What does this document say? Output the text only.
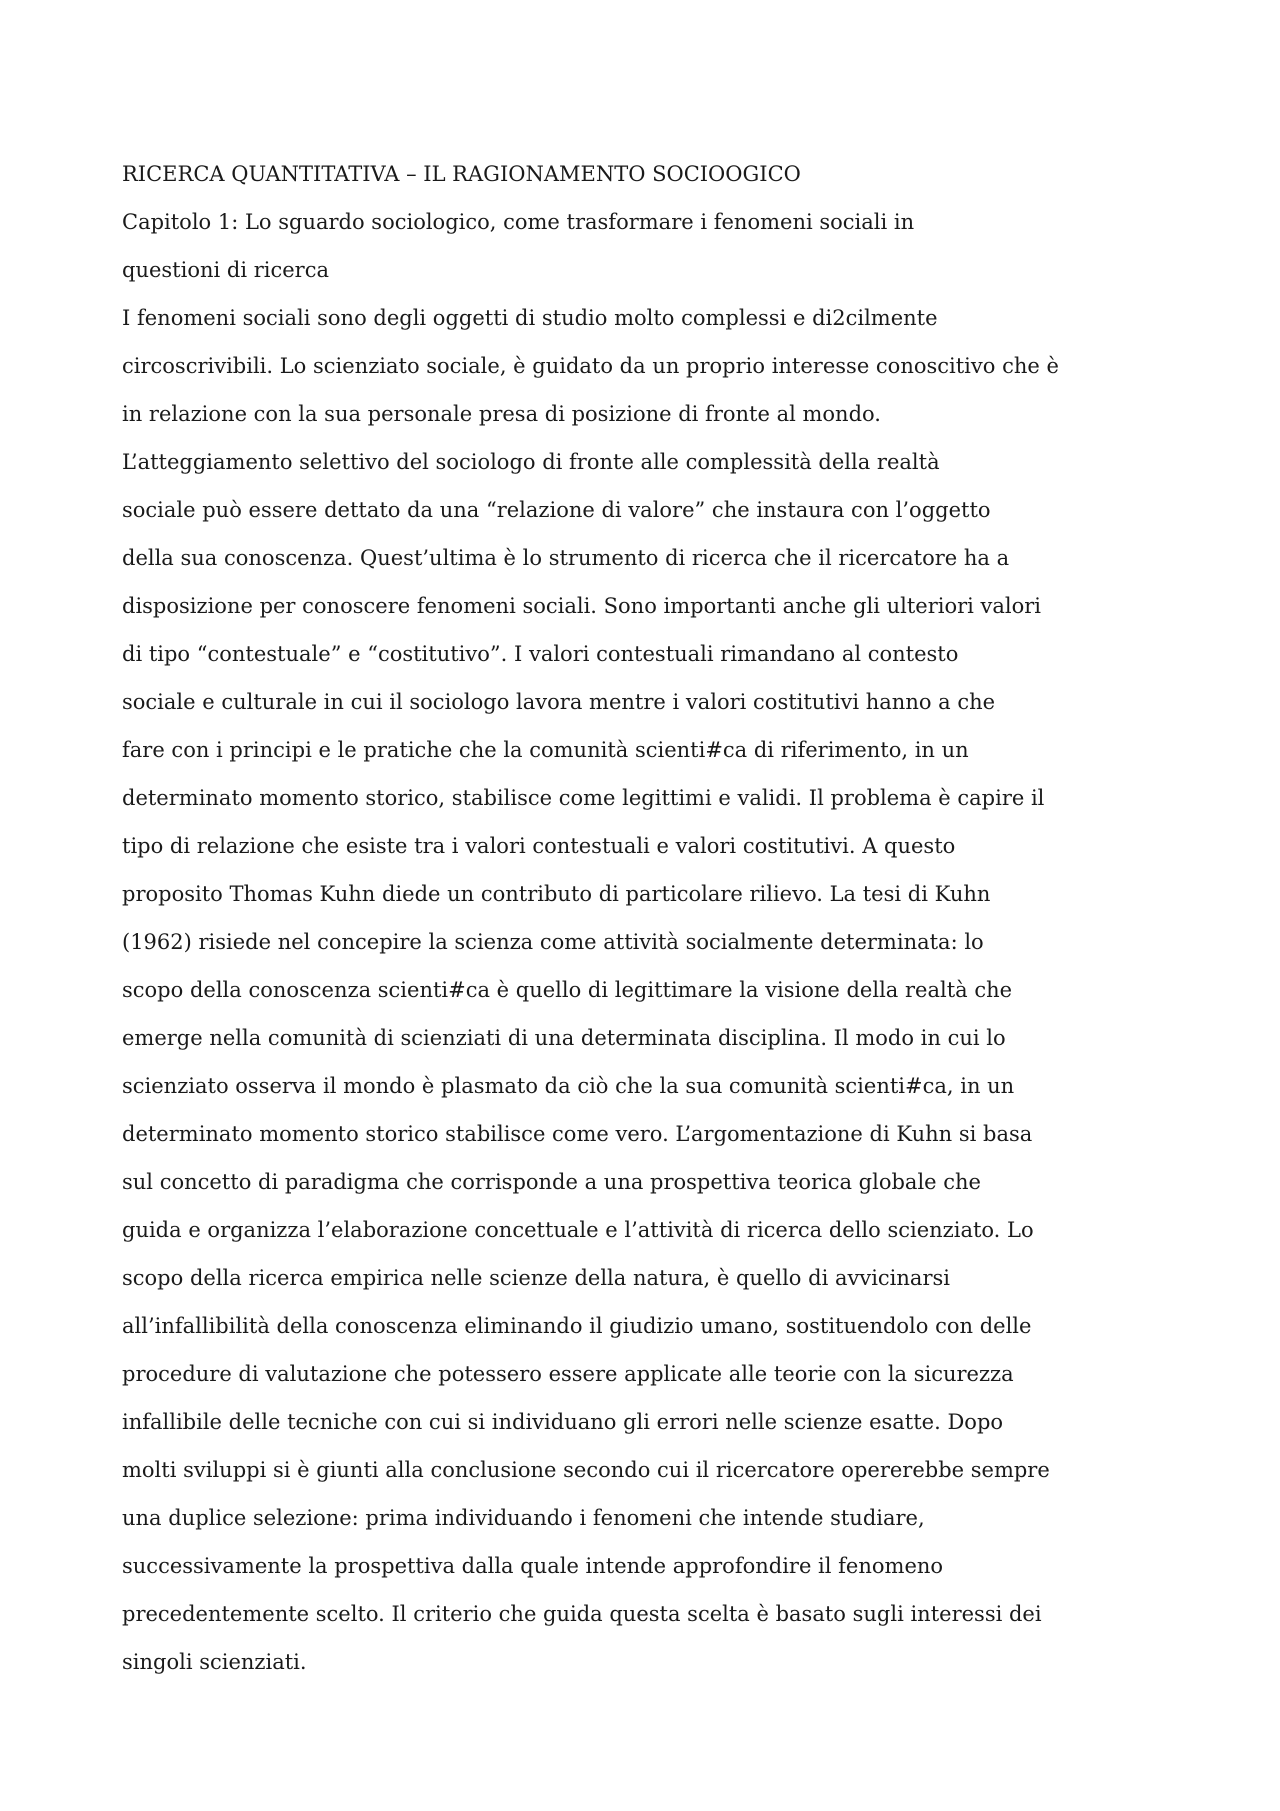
RICERCA QUANTITATIVA – IL RAGIONAMENTO SOCIOOGICO
Capitolo 1: Lo sguardo sociologico, come trasformare i fenomeni sociali in
questioni di ricerca
I fenomeni sociali sono degli oggetti di studio molto complessi e di2cilmente
circoscrivibili. Lo scienziato sociale, è guidato da un proprio interesse conoscitivo che è
in relazione con la sua personale presa di posizione di fronte al mondo.
L’atteggiamento selettivo del sociologo di fronte alle complessità della realtà
sociale può essere dettato da una “relazione di valore” che instaura con l’oggetto
della sua conoscenza. Quest’ultima è lo strumento di ricerca che il ricercatore ha a
disposizione per conoscere fenomeni sociali. Sono importanti anche gli ulteriori valori
di tipo “contestuale” e “costitutivo”. I valori contestuali rimandano al contesto
sociale e culturale in cui il sociologo lavora mentre i valori costitutivi hanno a che
fare con i principi e le pratiche che la comunità scienti#ca di riferimento, in un
determinato momento storico, stabilisce come legittimi e validi. Il problema è capire il
tipo di relazione che esiste tra i valori contestuali e valori costitutivi. A questo
proposito Thomas Kuhn diede un contributo di particolare rilievo. La tesi di Kuhn
(1962) risiede nel concepire la scienza come attività socialmente determinata: lo
scopo della conoscenza scienti#ca è quello di legittimare la visione della realtà che
emerge nella comunità di scienziati di una determinata disciplina. Il modo in cui lo
scienziato osserva il mondo è plasmato da ciò che la sua comunità scienti#ca, in un
determinato momento storico stabilisce come vero. L’argomentazione di Kuhn si basa
sul concetto di paradigma che corrisponde a una prospettiva teorica globale che
guida e organizza l’elaborazione concettuale e l’attività di ricerca dello scienziato. Lo
scopo della ricerca empirica nelle scienze della natura, è quello di avvicinarsi
all’infallibilità della conoscenza eliminando il giudizio umano, sostituendolo con delle
procedure di valutazione che potessero essere applicate alle teorie con la sicurezza
infallibile delle tecniche con cui si individuano gli errori nelle scienze esatte. Dopo
molti sviluppi si è giunti alla conclusione secondo cui il ricercatore opererebbe sempre
una duplice selezione: prima individuando i fenomeni che intende studiare,
successivamente la prospettiva dalla quale intende approfondire il fenomeno
precedentemente scelto. Il criterio che guida questa scelta è basato sugli interessi dei
singoli scienziati.
